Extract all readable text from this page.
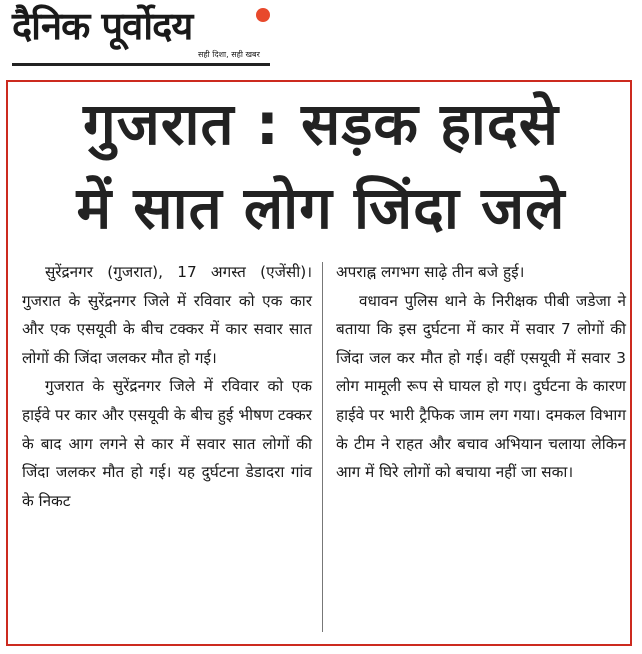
दैनिक पूर्वोदय
सही दिशा, सही खबर
गुजरात : सड़क हादसे
में सात लोग जिंदा जले

सुरेंद्रनगर (गुजरात), 17 अगस्त (एजेंसी)। गुजरात के सुरेंद्रनगर जिले में रविवार को एक कार और एक एसयूवी के बीच टक्कर में कार सवार सात लोगों की जिंदा जलकर मौत हो गई।

गुजरात के सुरेंद्रनगर जिले में रविवार को एक हाईवे पर कार और एसयूवी के बीच हुई भीषण टक्कर के बाद आग लगने से कार में सवार सात लोगों की जिंदा जलकर मौत हो गई। यह दुर्घटना डेडादरा गांव के निकट

अपराह्न लगभग साढ़े तीन बजे हुई।

वधावन पुलिस थाने के निरीक्षक पीबी जडेजा ने बताया कि इस दुर्घटना में कार में सवार 7 लोगों की जिंदा जल कर मौत हो गई। वहीं एसयूवी में सवार 3 लोग मामूली रूप से घायल हो गए। दुर्घटना के कारण हाईवे पर भारी ट्रैफिक जाम लग गया। दमकल विभाग के टीम ने राहत और बचाव अभियान चलाया लेकिन आग में घिरे लोगों को बचाया नहीं जा सका।
